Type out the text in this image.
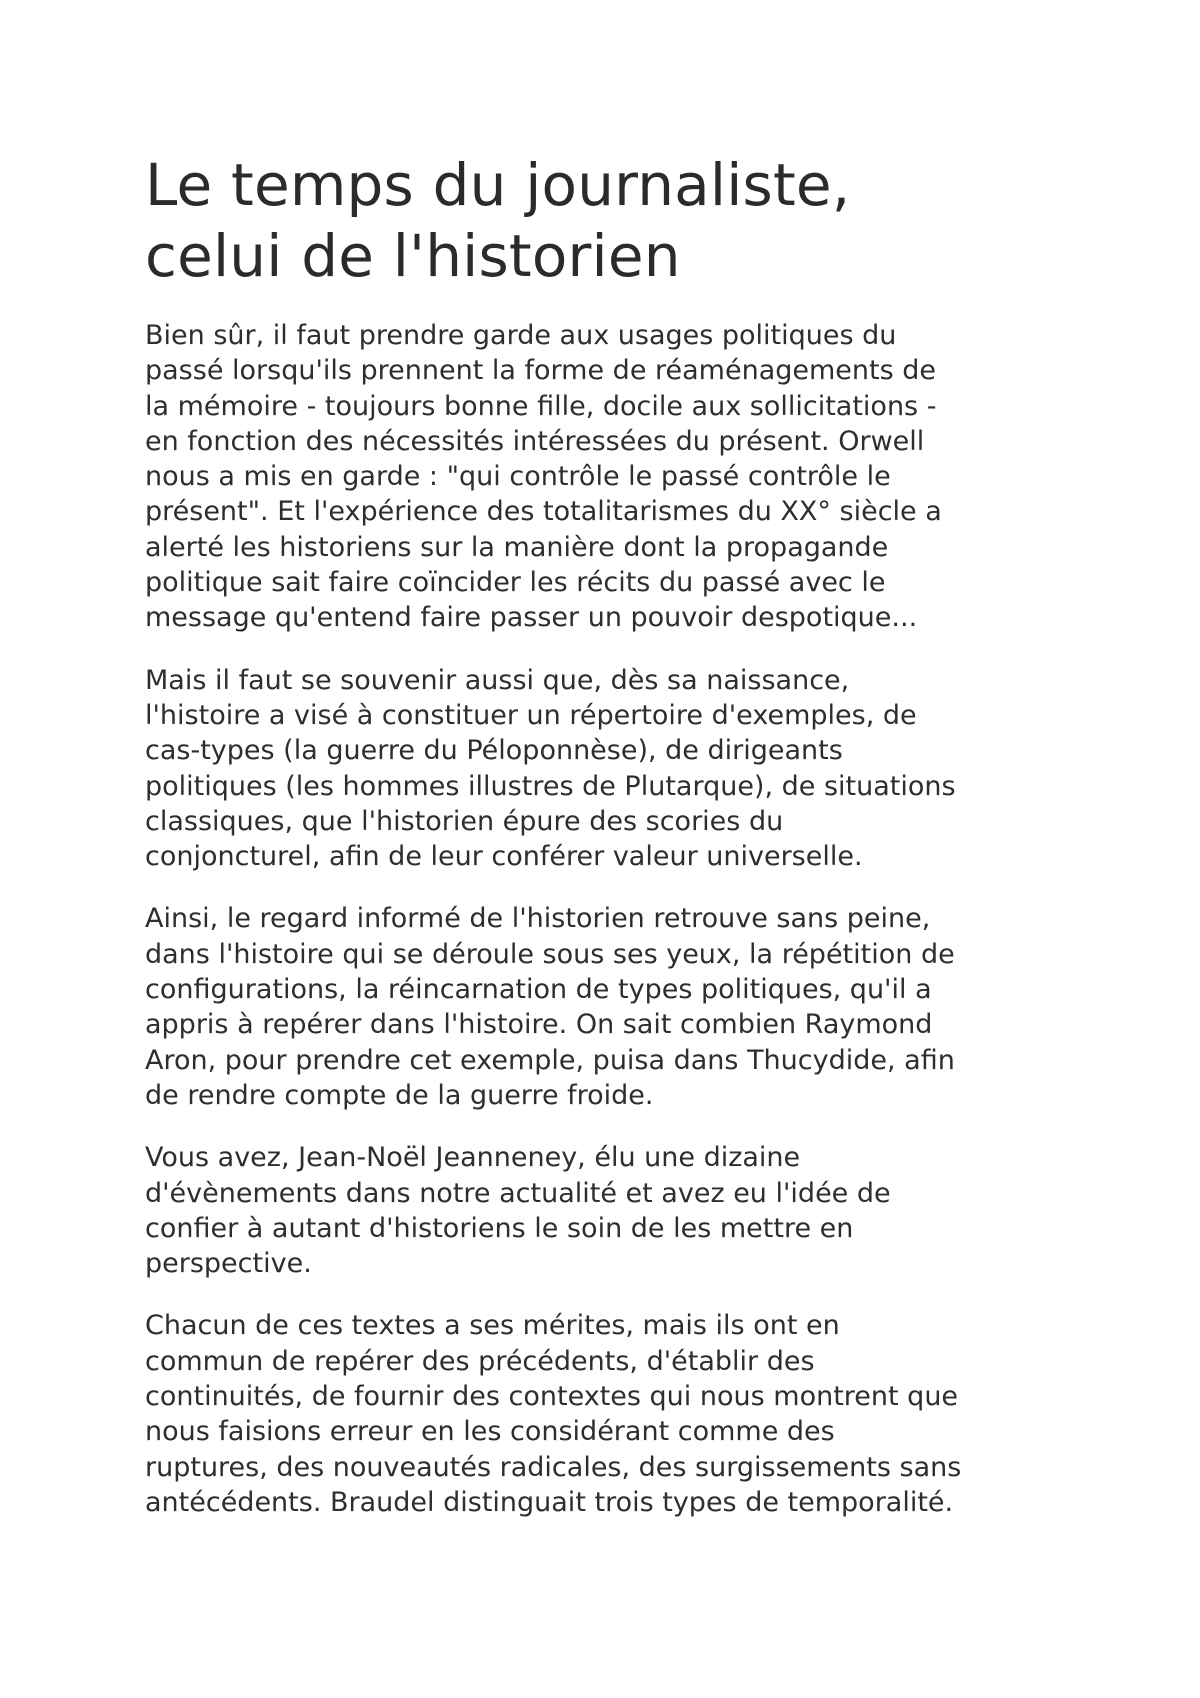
Le temps du journaliste,
celui de l'historien

Bien sûr, il faut prendre garde aux usages politiques du
passé lorsqu'ils prennent la forme de réaménagements de
la mémoire - toujours bonne fille, docile aux sollicitations -
en fonction des nécessités intéressées du présent. Orwell
nous a mis en garde : "qui contrôle le passé contrôle le
présent". Et l'expérience des totalitarismes du XX° siècle a
alerté les historiens sur la manière dont la propagande
politique sait faire coïncider les récits du passé avec le
message qu'entend faire passer un pouvoir despotique...

Mais il faut se souvenir aussi que, dès sa naissance,
l'histoire a visé à constituer un répertoire d'exemples, de
cas-types (la guerre du Péloponnèse), de dirigeants
politiques (les hommes illustres de Plutarque), de situations
classiques, que l'historien épure des scories du
conjoncturel, afin de leur conférer valeur universelle.

Ainsi, le regard informé de l'historien retrouve sans peine,
dans l'histoire qui se déroule sous ses yeux, la répétition de
configurations, la réincarnation de types politiques, qu'il a
appris à repérer dans l'histoire. On sait combien Raymond
Aron, pour prendre cet exemple, puisa dans Thucydide, afin
de rendre compte de la guerre froide.

Vous avez, Jean-Noël Jeanneney, élu une dizaine
d'évènements dans notre actualité et avez eu l'idée de
confier à autant d'historiens le soin de les mettre en
perspective.

Chacun de ces textes a ses mérites, mais ils ont en
commun de repérer des précédents, d'établir des
continuités, de fournir des contextes qui nous montrent que
nous faisions erreur en les considérant comme des
ruptures, des nouveautés radicales, des surgissements sans
antécédents. Braudel distinguait trois types de temporalité.
